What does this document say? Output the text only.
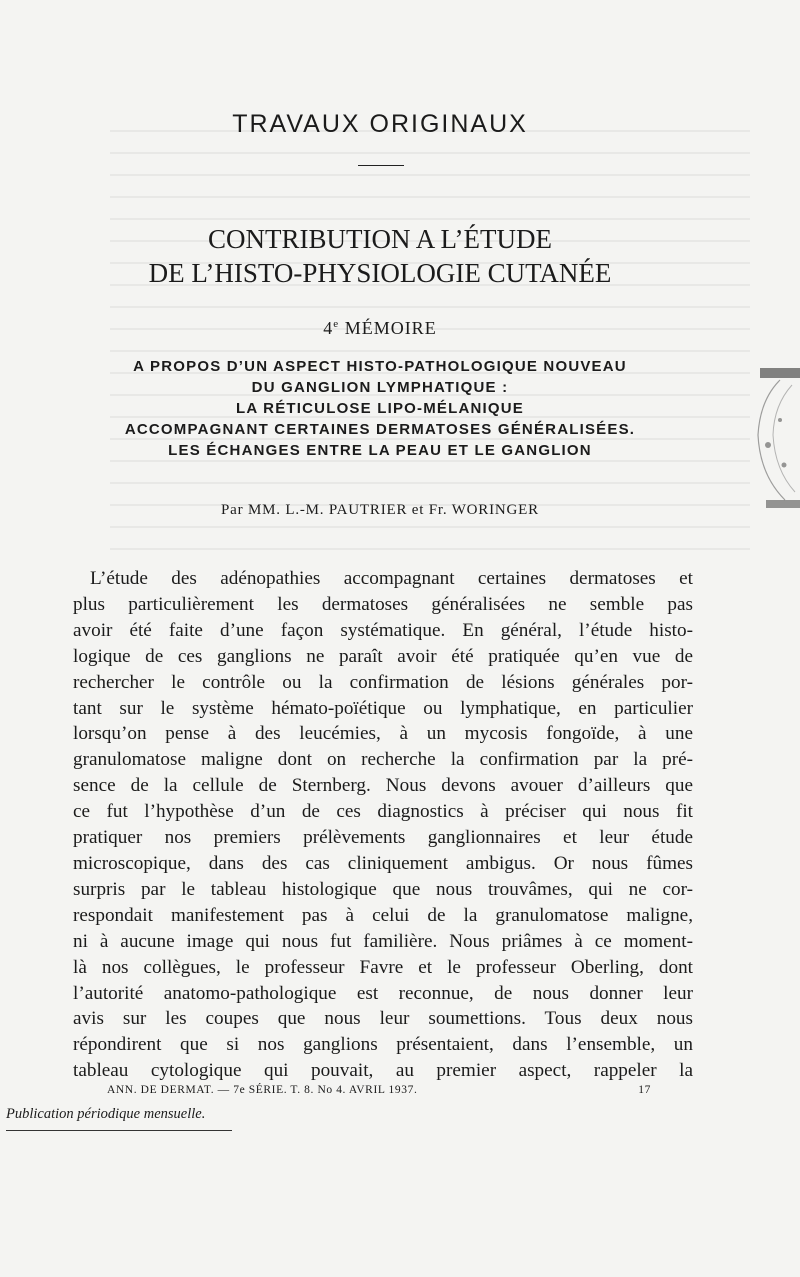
TRAVAUX ORIGINAUX
CONTRIBUTION A L’ÉTUDE
DE L’HISTO-PHYSIOLOGIE CUTANÉE
4e MÉMOIRE
A PROPOS D’UN ASPECT HISTO-PATHOLOGIQUE NOUVEAU
DU GANGLION LYMPHATIQUE :
LA RÉTICULOSE LIPO-MÉLANIQUE
ACCOMPAGNANT CERTAINES DERMATOSES GÉNÉRALISÉES.
LES ÉCHANGES ENTRE LA PEAU ET LE GANGLION
Par MM. L.-M. PAUTRIER et Fr. WORINGER
L’étude des adénopathies accompagnant certaines dermatoses et
plus particulièrement les dermatoses généralisées ne semble pas
avoir été faite d’une façon systématique. En général, l’étude histo-
logique de ces ganglions ne paraît avoir été pratiquée qu’en vue de
rechercher le contrôle ou la confirmation de lésions générales por-
tant sur le système hémato-poïétique ou lymphatique, en particulier
lorsqu’on pense à des leucémies, à un mycosis fongoïde, à une
granulomatose maligne dont on recherche la confirmation par la pré-
sence de la cellule de Sternberg. Nous devons avouer d’ailleurs que
ce fut l’hypothèse d’un de ces diagnostics à préciser qui nous fit
pratiquer nos premiers prélèvements ganglionnaires et leur étude
microscopique, dans des cas cliniquement ambigus. Or nous fûmes
surpris par le tableau histologique que nous trouvâmes, qui ne cor-
respondait manifestement pas à celui de la granulomatose maligne,
ni à aucune image qui nous fut familière. Nous priâmes à ce moment-
là nos collègues, le professeur Favre et le professeur Oberling, dont
l’autorité anatomo-pathologique est reconnue, de nous donner leur
avis sur les coupes que nous leur soumettions. Tous deux nous
répondirent que si nos ganglions présentaient, dans l’ensemble, un
tableau cytologique qui pouvait, au premier aspect, rappeler la
ANN. DE DERMAT. — 7e SÉRIE. T. 8. No 4. AVRIL 1937.	17
Publication périodique mensuelle.
